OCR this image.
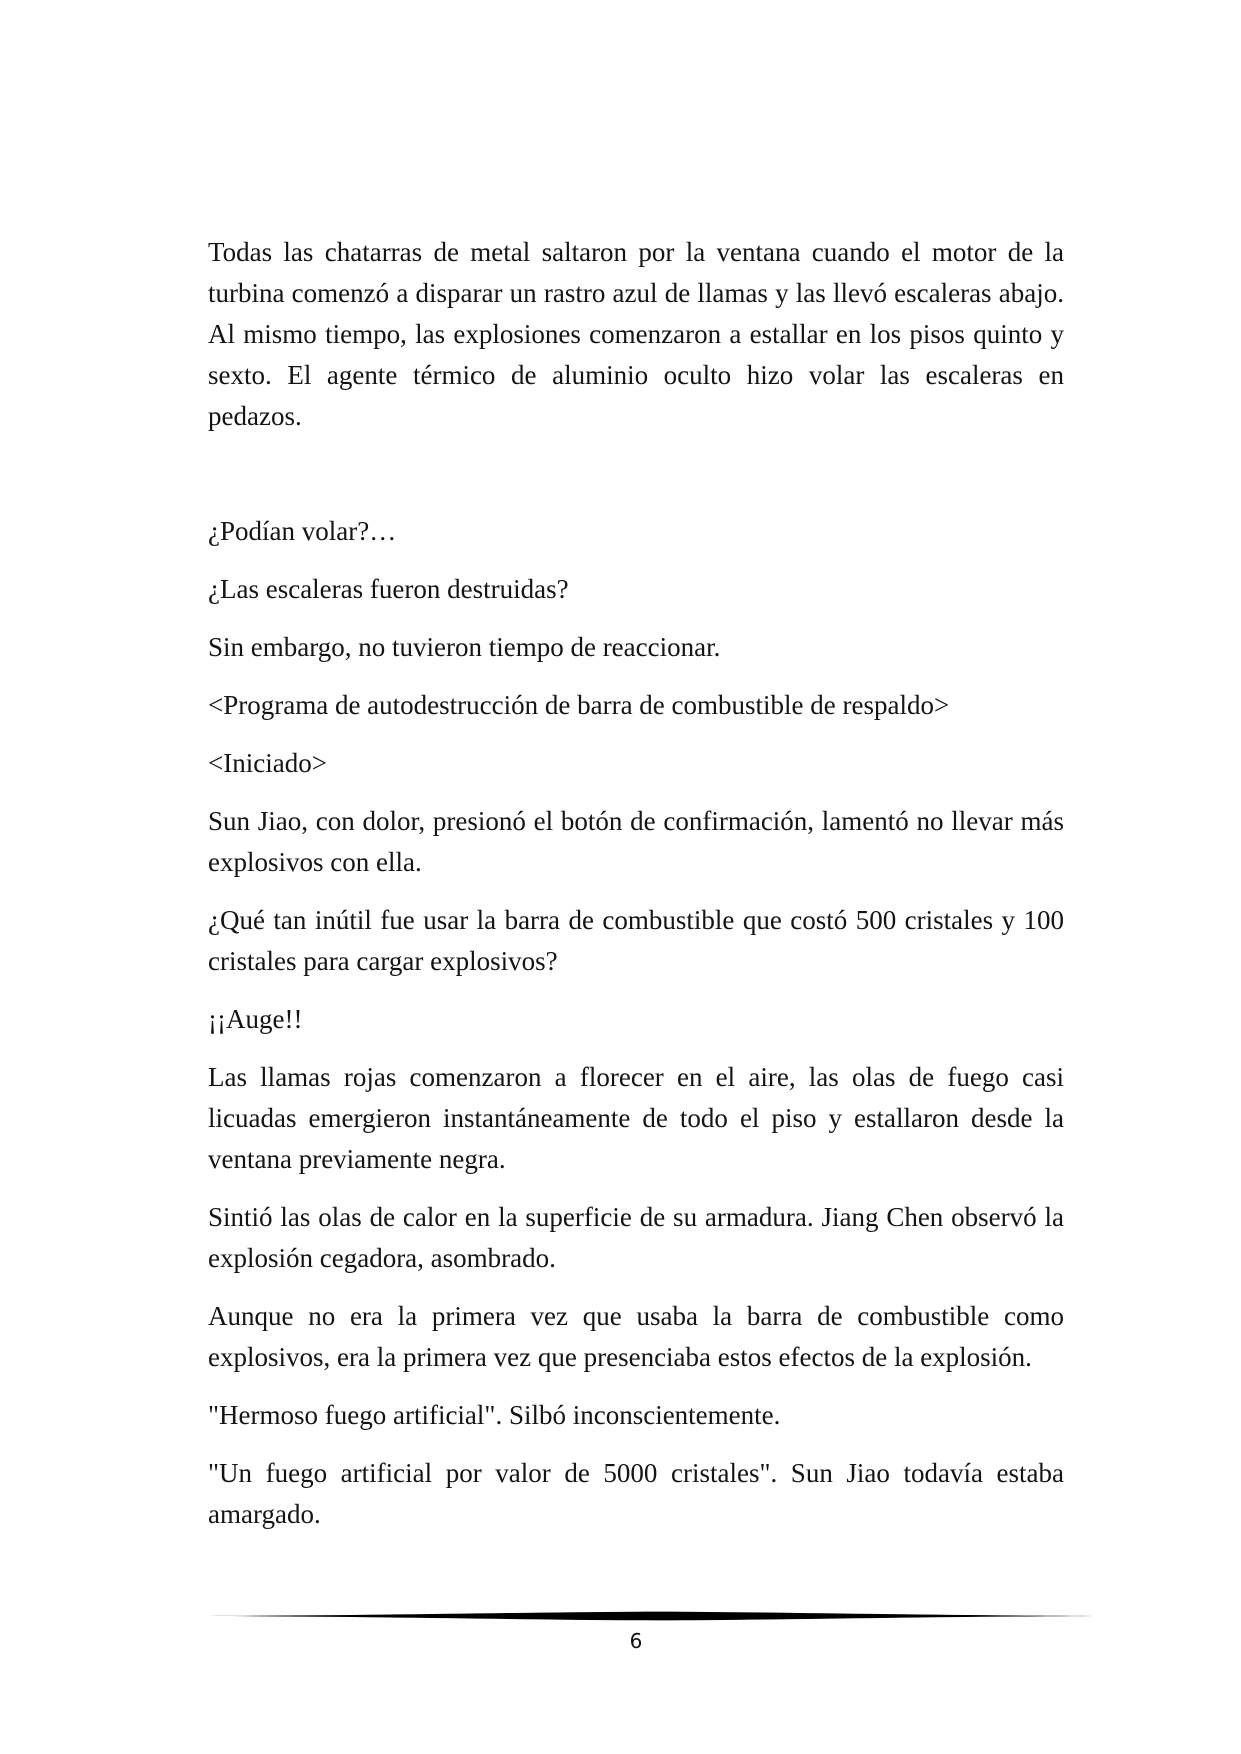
Todas las chatarras de metal saltaron por la ventana cuando el motor de la turbina comenzó a disparar un rastro azul de llamas y las llevó escaleras abajo. Al mismo tiempo, las explosiones comenzaron a estallar en los pisos quinto y sexto. El agente térmico de aluminio oculto hizo volar las escaleras en pedazos.

¿Podían volar?…

¿Las escaleras fueron destruidas?

Sin embargo, no tuvieron tiempo de reaccionar.

<Programa de autodestrucción de barra de combustible de respaldo>

<Iniciado>

Sun Jiao, con dolor, presionó el botón de confirmación, lamentó no llevar más explosivos con ella.

¿Qué tan inútil fue usar la barra de combustible que costó 500 cristales y 100 cristales para cargar explosivos?

¡¡Auge!!

Las llamas rojas comenzaron a florecer en el aire, las olas de fuego casi licuadas emergieron instantáneamente de todo el piso y estallaron desde la ventana previamente negra.

Sintió las olas de calor en la superficie de su armadura. Jiang Chen observó la explosión cegadora, asombrado.

Aunque no era la primera vez que usaba la barra de combustible como explosivos, era la primera vez que presenciaba estos efectos de la explosión.

"Hermoso fuego artificial". Silbó inconscientemente.

"Un fuego artificial por valor de 5000 cristales". Sun Jiao todavía estaba amargado.

6
